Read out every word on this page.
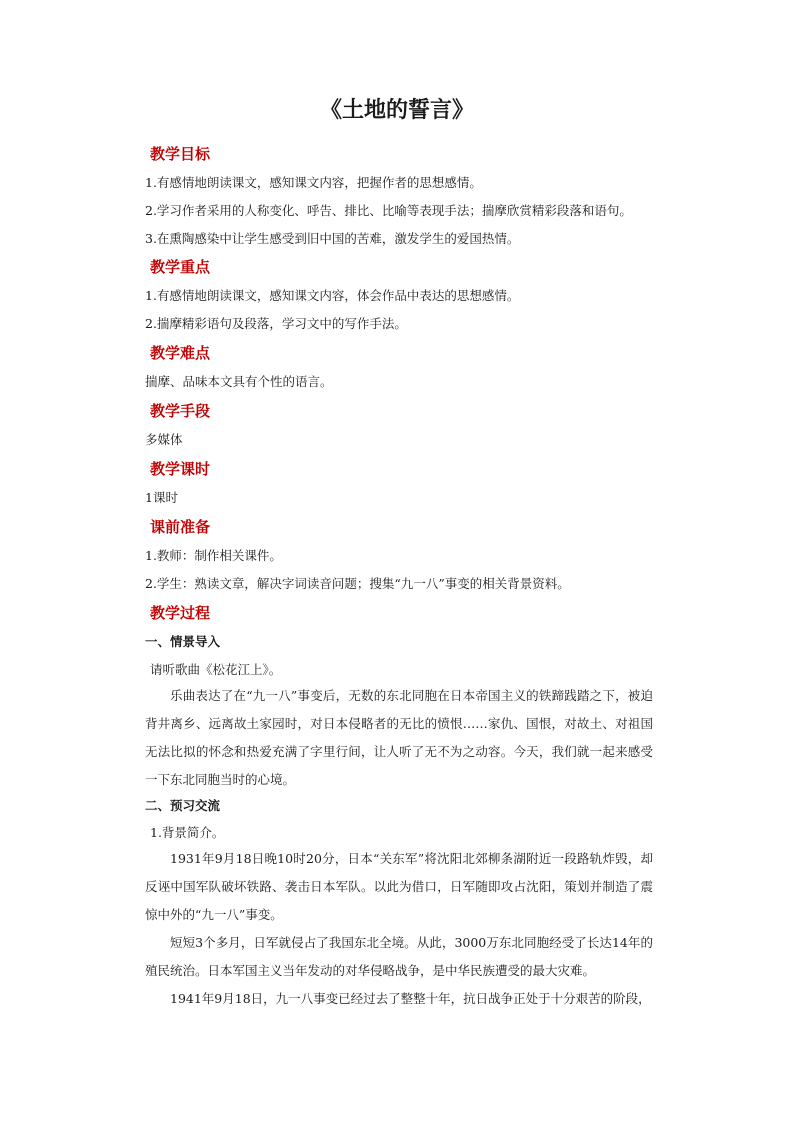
《土地的誓言》
教学目标
1.有感情地朗读课文，感知课文内容，把握作者的思想感情。
2.学习作者采用的人称变化、呼告、排比、比喻等表现手法；揣摩欣赏精彩段落和语句。
3.在熏陶感染中让学生感受到旧中国的苦难，激发学生的爱国热情。
教学重点
1.有感情地朗读课文，感知课文内容，体会作品中表达的思想感情。
2.揣摩精彩语句及段落，学习文中的写作手法。
教学难点
揣摩、品味本文具有个性的语言。
教学手段
多媒体
教学课时
1课时
课前准备
1.教师：制作相关课件。
2.学生：熟读文章，解决字词读音问题；搜集“九一八”事变的相关背景资料。
教学过程
一、情景导入
请听歌曲《松花江上》。
乐曲表达了在“九一八”事变后，无数的东北同胞在日本帝国主义的铁蹄践踏之下，被迫背井离乡、远离故土家园时，对日本侵略者的无比的愤恨……家仇、国恨，对故土、对祖国无法比拟的怀念和热爱充满了字里行间，让人听了无不为之动容。今天，我们就一起来感受一下东北同胞当时的心境。
二、预习交流
1.背景简介。
1931年9月18日晚10时20分，日本“关东军”将沈阳北郊柳条湖附近一段路轨炸毁，却反诬中国军队破坏铁路、袭击日本军队。以此为借口，日军随即攻占沈阳，策划并制造了震惊中外的“九一八”事变。
短短3个多月，日军就侵占了我国东北全境。从此，3000万东北同胞经受了长达14年的殖民统治。日本军国主义当年发动的对华侵略战争，是中华民族遭受的最大灾难。
1941年9月18日，九一八事变已经过去了整整十年，抗日战争正处于十分艰苦的阶段，
